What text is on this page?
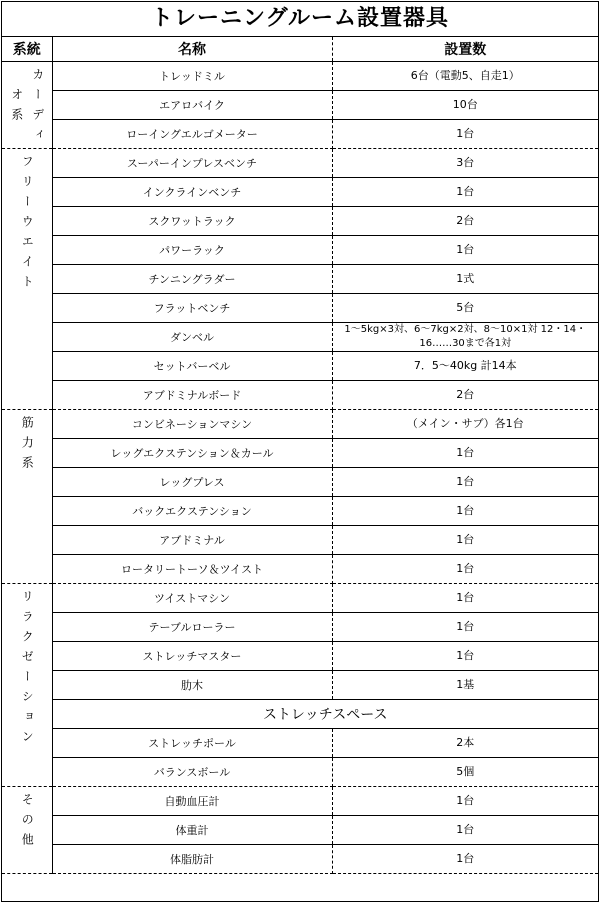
トレーニングルーム設置器具
系統	名称	設置数

カーディオ系	トレッドミル	6台（電動5、自走1）
	エアロバイク	10台
	ローイングエルゴメーター	1台

フリーウエイト	スーパーインプレスベンチ	3台
	インクラインベンチ	1台
	スクワットラック	2台
	パワーラック	1台
	チンニングラダー	1式
	フラットベンチ	5台
	ダンベル	1～5kg×3対、6～7kg×2対、8～10×1対 12・14・16……30まで各1対
	セットバーベル	7．5～40kg 計14本
	アブドミナルボード	2台

筋力系	コンビネーションマシン	（メイン・サブ）各1台
	レッグエクステンション＆カール	1台
	レッグプレス	1台
	バックエクステンション	1台
	アブドミナル	1台
	ロータリートーソ＆ツイスト	1台

リラクゼーション	ツイストマシン	1台
	テーブルローラー	1台
	ストレッチマスター	1台
	肋木	1基
	ストレッチスペース	
	ストレッチポール	2本
	バランスボール	5個

その他	自動血圧計	1台
	体重計	1台
	体脂肪計	1台
